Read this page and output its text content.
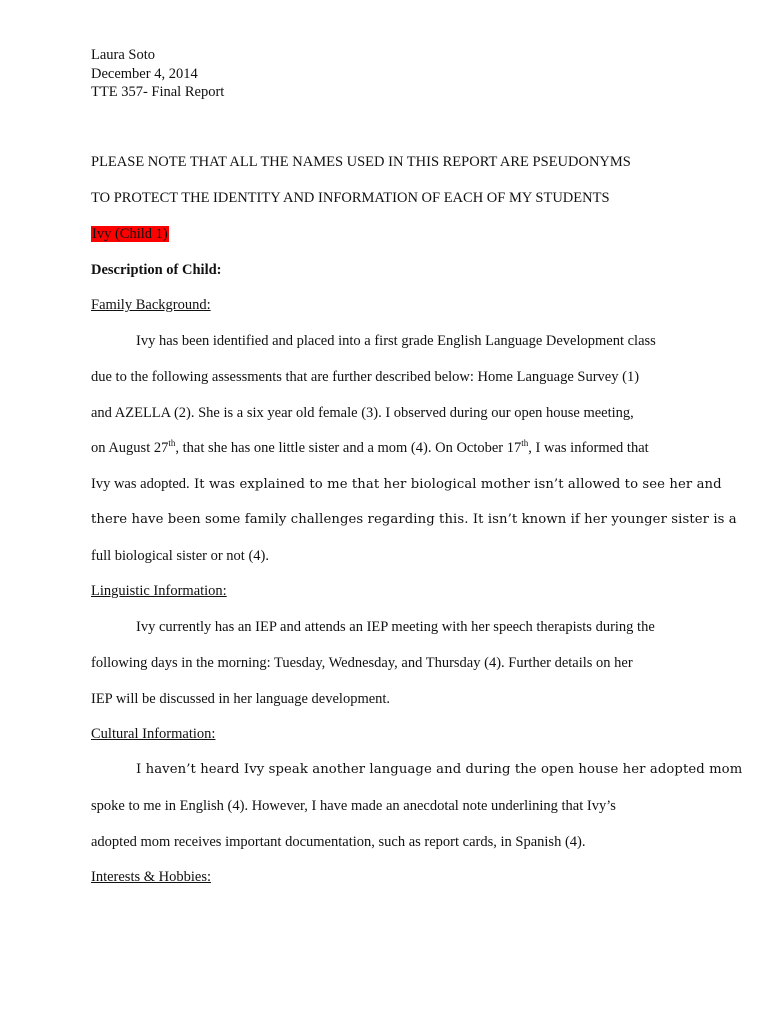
Laura Soto

December 4, 2014

TTE 357- Final Report

PLEASE NOTE THAT ALL THE NAMES USED IN THIS REPORT ARE PSEUDONYMS

TO PROTECT THE IDENTITY AND INFORMATION OF EACH OF MY STUDENTS

Ivy (Child 1)

Description of Child:

Family Background:

Ivy has been identified and placed into a first grade English Language Development class

due to the following assessments that are further described below: Home Language Survey (1)

and AZELLA (2). She is a six year old female (3). I observed during our open house meeting,

on August 27th, that she has one little sister and a mom (4). On October 17th, I was informed that

Ivy was adopted. It was explained to me that her biological mother isn’t allowed to see her and

there have been some family challenges regarding this. It isn’t known if her younger sister is a

full biological sister or not (4).

Linguistic Information:

Ivy currently has an IEP and attends an IEP meeting with her speech therapists during the

following days in the morning: Tuesday, Wednesday, and Thursday (4). Further details on her

IEP will be discussed in her language development.

Cultural Information:

I haven’t heard Ivy speak another language and during the open house her adopted mom

spoke to me in English (4). However, I have made an anecdotal note underlining that Ivy’s

adopted mom receives important documentation, such as report cards, in Spanish (4).

Interests & Hobbies:
